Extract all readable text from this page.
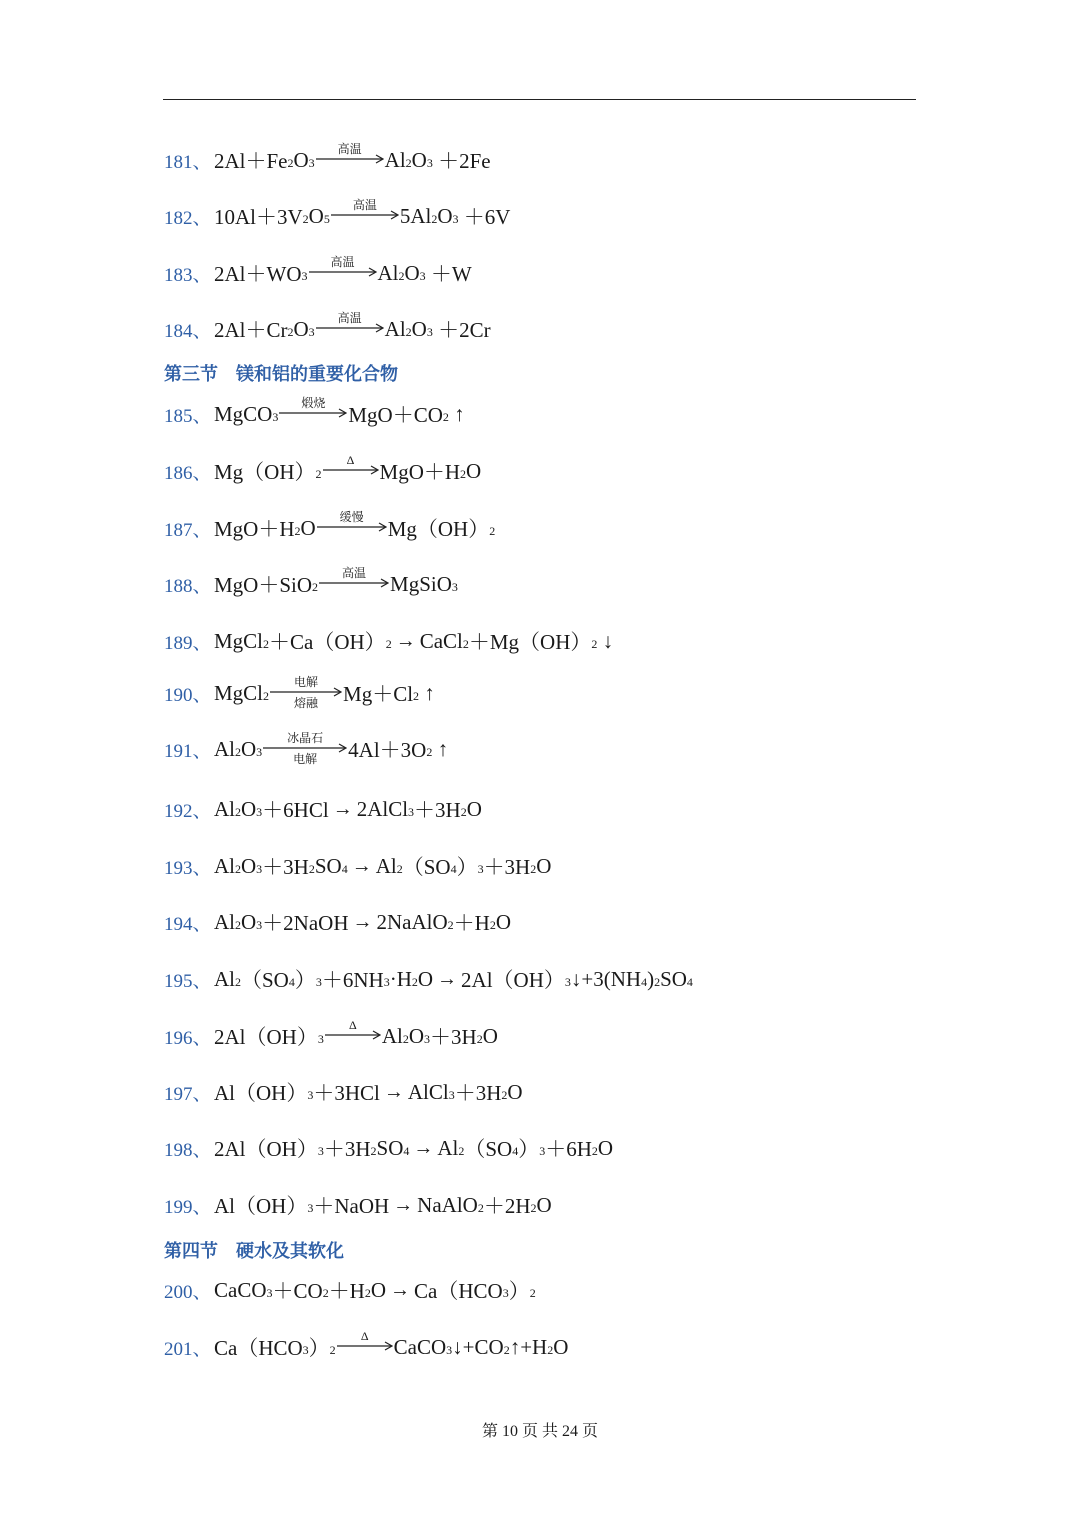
181、 $2Al+Fe_2$ $O_3$
高温	$Al_2$ $O_3 +2Fe$
182、 $10Al+3V_2$ $O_5$
高温	$5Al_2$ $O_3 +6V$
183、 $2Al+WO_3$
高温	$Al_2$ $O_3 +W$
184、 $2Al+Cr_2$ $O_3$
高温	$Al_2$ $O_3 +2Cr$
第三节　镁和铝的重要化合物
185、 MgCO$_3$
煅烧	$MgO+CO_2$ ↑
186、 $Mg(OH)_2$
Δ	$MgO+H_2$ O
187、 $MgO+H_2$ O	缓慢	$Mg(OH)_2$
188、 MgO＋SiO$_2$
高温	MgSiO$_3$
189、 MgCl$_2$ $+Ca(OH)_2$ → CaCl$_2$ $+Mg(OH)_2$ ↓
190、 MgCl$_2$
电解
熔融	$Mg+Cl_2$ ↑
191、 $Al_2$ $O_3$
冰晶石
电解	$4Al+3O_2$ ↑
192、 $Al_2$ $O_3 +6HCl$ → 2AlCl$_3$ $+3H_2$ O
193、 $Al_2$ $O_3 +3H_2$ $SO_4 \to Al_2$ （$SO_4$ ）$_3 +3H_2$ O
194、 $Al_2$ $O_3$ ＋2NaOH → 2NaAlO$_2$ $+H_2$ O
195、 $Al_2$ （$SO_4$ ）$_3 +6NH_3 \cdot H_2$ $O \to 2Al(OH)_3$ $↓+3(NH_4$ )$_2$ $SO_4$
196、 $2Al(OH)_3$
Δ	$Al_2$ $O_3 +3H_2$ O
197、 $Al(OH)_3 +3HCl$ → AlCl$_3$ $+3H_2$ O
198、 $2Al(OH)_3 +3H_2$ $SO_4 \to Al_2$ （$SO_4$ ）$_3 +6H_2$ O
199、 $Al(OH)_3$ ＋NaOH → NaAlO$_2$ $+2H_2$ O
第四节　硬水及其软化
200、 CaCO$_3$ $+CO_2 +H_2$ $O \to Ca(HCO_3$ ）$_2$
201、 $Ca(HCO_3$ ）$_2$
Δ	CaCO$_3$ $↓+CO_2$ $↑+H_2$ O
第 10 页 共 24 页
